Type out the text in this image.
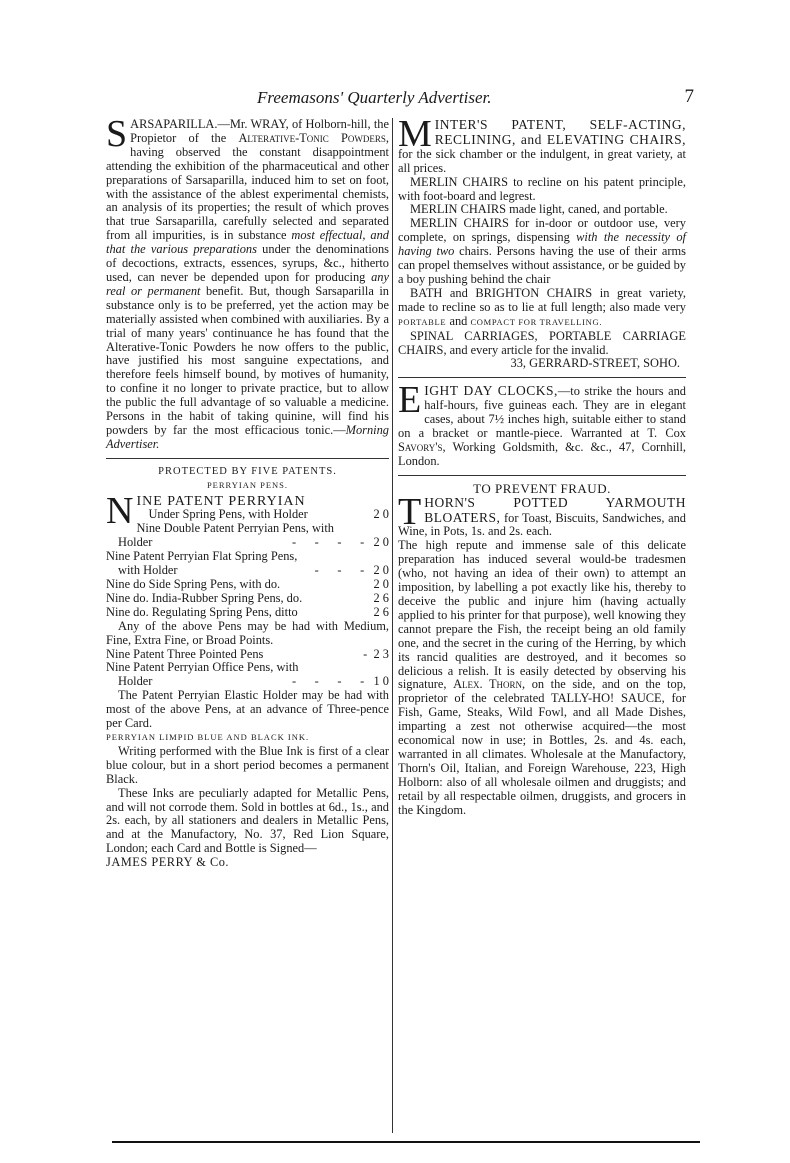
Freemasons' Quarterly Advertiser.	7

SARSAPARILLA.—Mr. WRAY, of Holborn-hill, the Propietor of the Alterative-Tonic Powders, having observed the constant disappointment attending the exhibition of the pharmaceutical and other preparations of Sarsaparilla, induced him to set on foot, with the assistance of the ablest experimental chemists, an analysis of its properties; the result of which proves that true Sarsaparilla, carefully selected and separated from all impurities, is in substance most effectual, and that the various preparations under the denominations of decoctions, extracts, essences, syrups, &c., hitherto used, can never be depended upon for producing any real or permanent benefit. But, though Sarsaparilla in substance only is to be preferred, yet the action may be materially assisted when combined with auxiliaries. By a trial of many years' continuance he has found that the Alterative-Tonic Powders he now offers to the public, have justified his most sanguine expectations, and therefore feels himself bound, by motives of humanity, to confine it no longer to private practice, but to allow the public the full advantage of so valuable a medicine. Persons in the habit of taking quinine, will find his powders by far the most efficacious tonic.—Morning Advertiser.

PROTECTED BY FIVE PATENTS.

PERRYIAN PENS.

NINE PATENT PERRYIAN

Under Spring Pens, with Holder	2 0
Nine Double Patent Perryian Pens, with
Holder	-      -      -      - 2 0
Nine Patent Perryian Flat Spring Pens,
with Holder	-      -      - 2 0
Nine do Side Spring Pens, with do.	2 0
Nine do. India-Rubber Spring Pens, do.	2 6
Nine do. Regulating Spring Pens, ditto	2 6

Any of the above Pens may be had with Medium, Fine, Extra Fine, or Broad Points.

Nine Patent Three Pointed Pens	- 2 3
Nine Patent Perryian Office Pens, with
Holder	-      -      -      - 1 0

The Patent Perryian Elastic Holder may be had with most of the above Pens, at an advance of Three-pence per Card.

PERRYIAN LIMPID BLUE AND BLACK INK.

Writing performed with the Blue Ink is first of a clear blue colour, but in a short period becomes a permanent Black.

These Inks are peculiarly adapted for Metallic Pens, and will not corrode them. Sold in bottles at 6d., 1s., and 2s. each, by all stationers and dealers in Metallic Pens, and at the Manufactory, No. 37, Red Lion Square, London; each Card and Bottle is Signed—

JAMES PERRY & Co.

MINTER'S PATENT, SELF-ACTING, RECLINING, and ELEVATING CHAIRS, for the sick chamber or the indulgent, in great variety, at all prices.

MERLIN CHAIRS to recline on his patent principle, with foot-board and legrest.

MERLIN CHAIRS made light, caned, and portable.

MERLIN CHAIRS for in-door or outdoor use, very complete, on springs, dispensing with the necessity of having two chairs. Persons having the use of their arms can propel themselves without assistance, or be guided by a boy pushing behind the chair

BATH and BRIGHTON CHAIRS in great variety, made to recline so as to lie at full length; also made very PORTABLE and COMPACT FOR TRAVELLING.

SPINAL CARRIAGES, PORTABLE CARRIAGE CHAIRS, and every article for the invalid.

33, GERRARD-STREET, SOHO.

EIGHT DAY CLOCKS,—to strike the hours and half-hours, five guineas each. They are in elegant cases, about 7½ inches high, suitable either to stand on a bracket or mantle-piece. Warranted at T. Cox Savory's, Working Goldsmith, &c. &c., 47, Cornhill, London.

TO PREVENT FRAUD.

THORN'S POTTED YARMOUTH BLOATERS, for Toast, Biscuits, Sandwiches, and Wine, in Pots, 1s. and 2s. each.

The high repute and immense sale of this delicate preparation has induced several would-be tradesmen (who, not having an idea of their own) to attempt an imposition, by labelling a pot exactly like his, thereby to deceive the public and injure him (having actually applied to his printer for that purpose), well knowing they cannot prepare the Fish, the receipt being an old family one, and the secret in the curing of the Herring, by which its rancid qualities are destroyed, and it becomes so delicious a relish. It is easily detected by observing his signature, Alex. Thorn, on the side, and on the top, proprietor of the celebrated TALLY-HO! SAUCE, for Fish, Game, Steaks, Wild Fowl, and all Made Dishes, imparting a zest not otherwise acquired—the most economical now in use; in Bottles, 2s. and 4s. each, warranted in all climates. Wholesale at the Manufactory, Thorn's Oil, Italian, and Foreign Warehouse, 223, High Holborn: also of all wholesale oilmen and druggists; and retail by all respectable oilmen, druggists, and grocers in the Kingdom.
